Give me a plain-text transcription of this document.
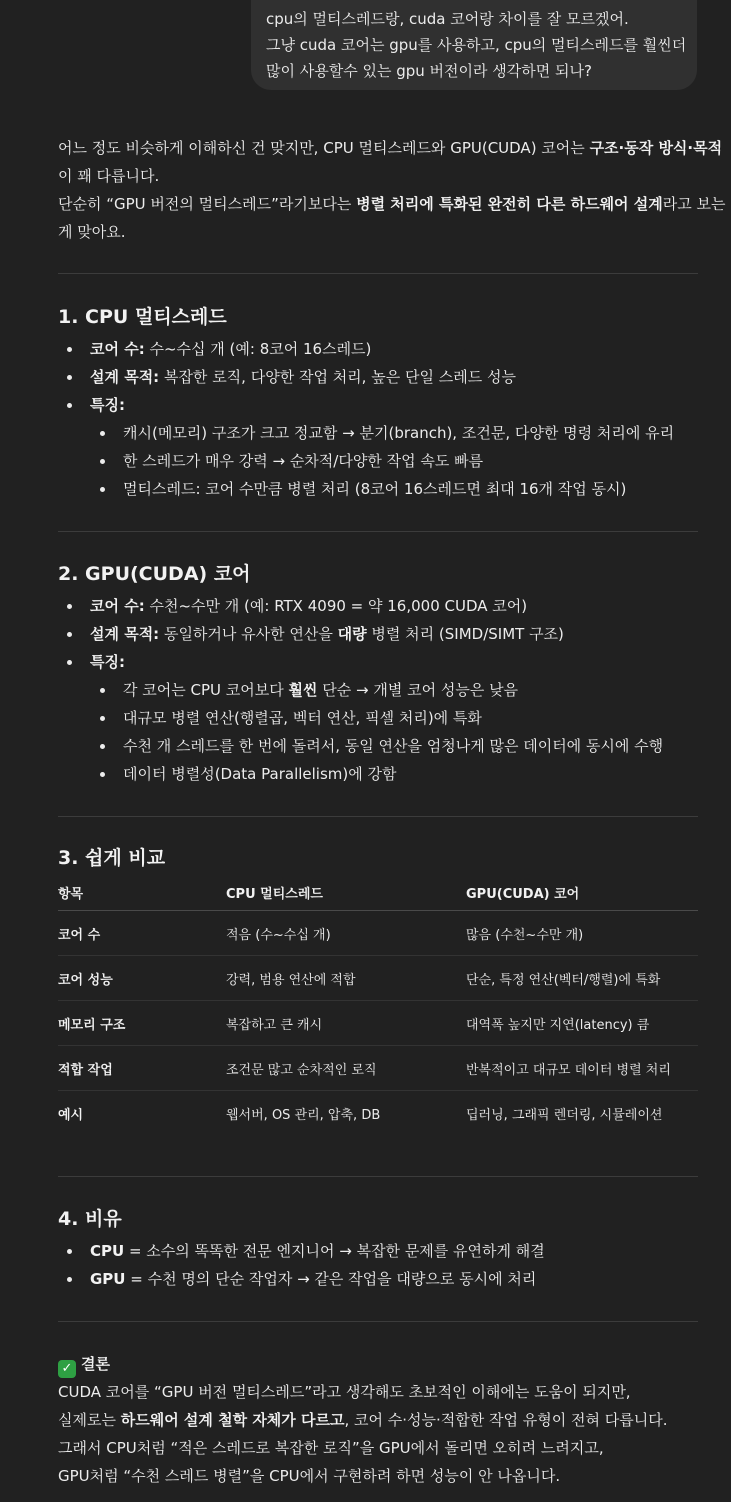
cpu의 멀티스레드랑, cuda 코어랑 차이를 잘 모르겠어.
그냥 cuda 코어는 gpu를 사용하고, cpu의 멀티스레드를 훨씬더
많이 사용할수 있는 gpu 버전이라 생각하면 되나?
어느 정도 비슷하게 이해하신 건 맞지만, CPU 멀티스레드와 GPU(CUDA) 코어는 구조·동작 방식·목적
이 꽤 다릅니다.
단순히 “GPU 버전의 멀티스레드”라기보다는 병렬 처리에 특화된 완전히 다른 하드웨어 설계라고 보는
게 맞아요.
1. CPU 멀티스레드
코어 수: 수~수십 개 (예: 8코어 16스레드)
설계 목적: 복잡한 로직, 다양한 작업 처리, 높은 단일 스레드 성능
특징:
캐시(메모리) 구조가 크고 정교함 → 분기(branch), 조건문, 다양한 명령 처리에 유리
한 스레드가 매우 강력 → 순차적/다양한 작업 속도 빠름
멀티스레드: 코어 수만큼 병렬 처리 (8코어 16스레드면 최대 16개 작업 동시)
2. GPU(CUDA) 코어
코어 수: 수천~수만 개 (예: RTX 4090 = 약 16,000 CUDA 코어)
설계 목적: 동일하거나 유사한 연산을 대량 병렬 처리 (SIMD/SIMT 구조)
특징:
각 코어는 CPU 코어보다 훨씬 단순 → 개별 코어 성능은 낮음
대규모 병렬 연산(행렬곱, 벡터 연산, 픽셀 처리)에 특화
수천 개 스레드를 한 번에 돌려서, 동일 연산을 엄청나게 많은 데이터에 동시에 수행
데이터 병렬성(Data Parallelism)에 강함
3. 쉽게 비교
항목	CPU 멀티스레드	GPU(CUDA) 코어
코어 수	적음 (수~수십 개)	많음 (수천~수만 개)
코어 성능	강력, 범용 연산에 적합	단순, 특정 연산(벡터/행렬)에 특화
메모리 구조	복잡하고 큰 캐시	대역폭 높지만 지연(latency) 큼
적합 작업	조건문 많고 순차적인 로직	반복적이고 대규모 데이터 병렬 처리
예시	웹서버, OS 관리, 압축, DB	딥러닝, 그래픽 렌더링, 시뮬레이션
4. 비유
CPU = 소수의 똑똑한 전문 엔지니어 → 복잡한 문제를 유연하게 해결
GPU = 수천 명의 단순 작업자 → 같은 작업을 대량으로 동시에 처리
✓ 결론
CUDA 코어를 “GPU 버전 멀티스레드”라고 생각해도 초보적인 이해에는 도움이 되지만,
실제로는 하드웨어 설계 철학 자체가 다르고, 코어 수·성능·적합한 작업 유형이 전혀 다릅니다.
그래서 CPU처럼 “적은 스레드로 복잡한 로직”을 GPU에서 돌리면 오히려 느려지고,
GPU처럼 “수천 스레드 병렬”을 CPU에서 구현하려 하면 성능이 안 나옵니다.
